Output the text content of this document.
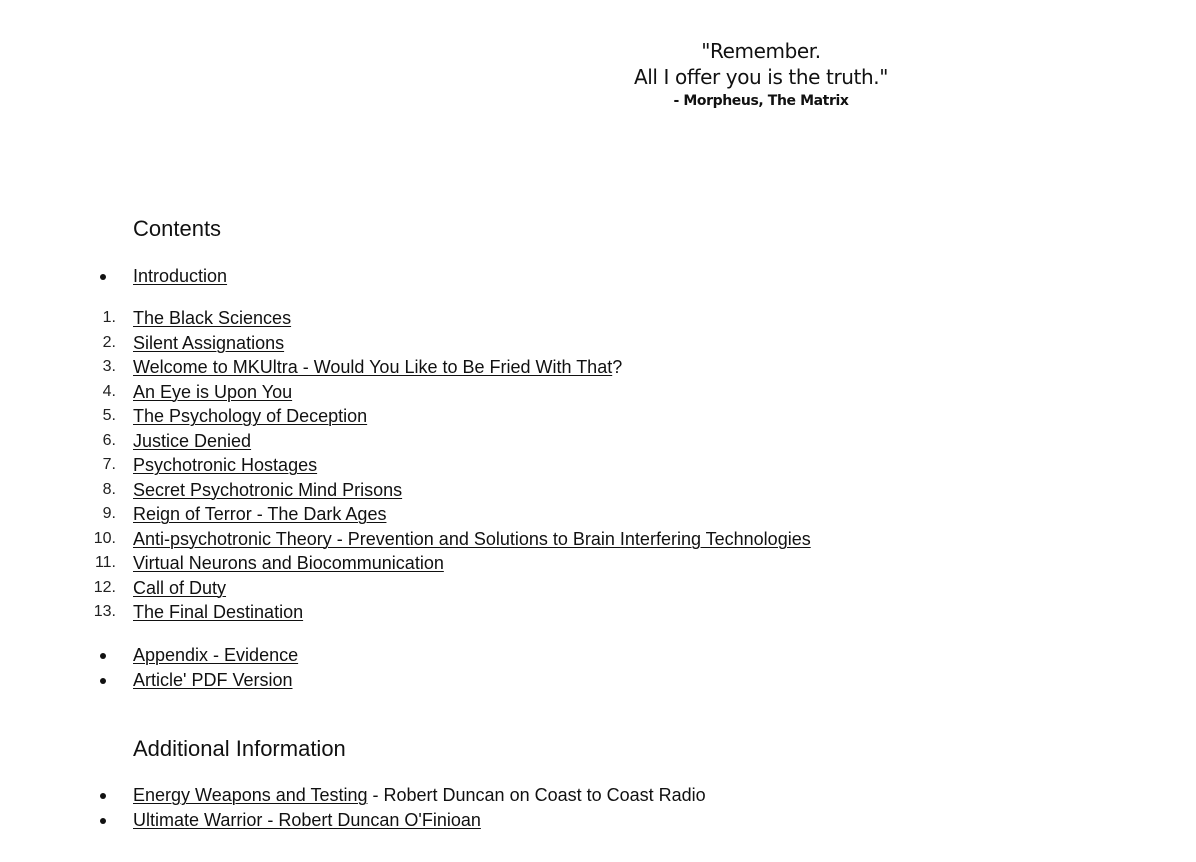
"Remember.
All I offer you is the truth."
- Morpheus, The Matrix
Contents
Introduction
1. The Black Sciences
2. Silent Assignations
3. Welcome to MKUltra - Would You Like to Be Fried With That?
4. An Eye is Upon You
5. The Psychology of Deception
6. Justice Denied
7. Psychotronic Hostages
8. Secret Psychotronic Mind Prisons
9. Reign of Terror - The Dark Ages
10. Anti-psychotronic Theory - Prevention and Solutions to Brain Interfering Technologies
11. Virtual Neurons and Biocommunication
12. Call of Duty
13. The Final Destination
Appendix - Evidence
Article' PDF Version
Additional Information
Energy Weapons and Testing - Robert Duncan on Coast to Coast Radio
Ultimate Warrior - Robert Duncan O'Finioan
